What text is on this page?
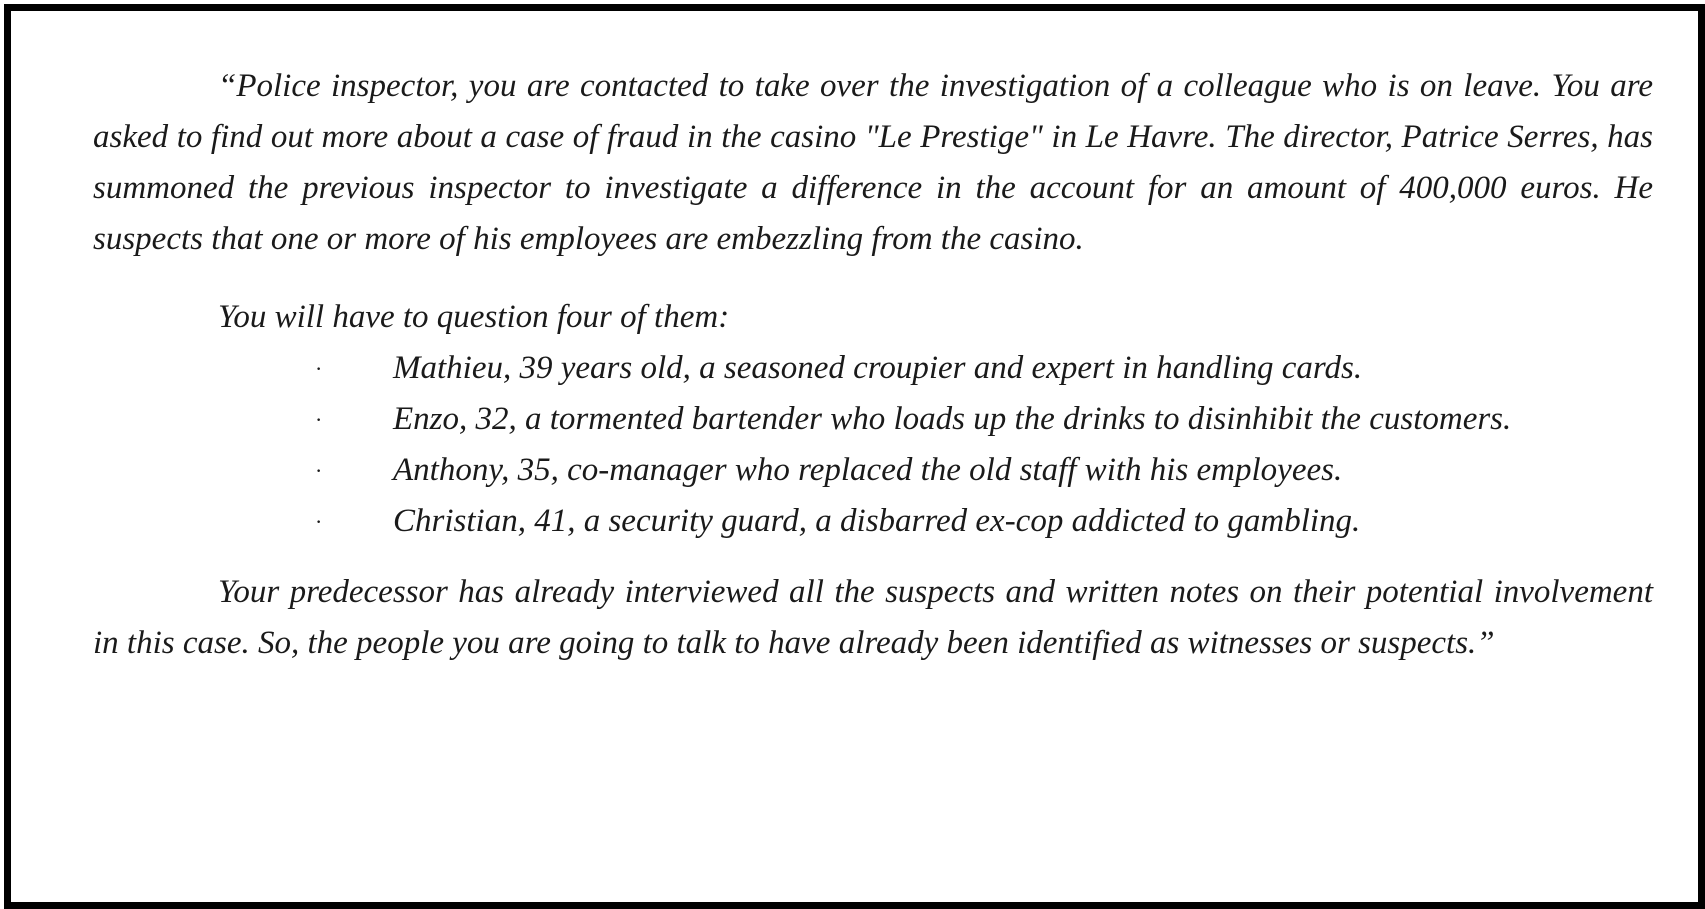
“Police inspector, you are contacted to take over the investigation of a colleague who is on leave. You are asked to find out more about a case of fraud in the casino "Le Prestige" in Le Havre. The director, Patrice Serres, has summoned the previous inspector to investigate a difference in the account for an amount of 400,000 euros. He suspects that one or more of his employees are embezzling from the casino.

You will have to question four of them:

· Mathieu, 39 years old, a seasoned croupier and expert in handling cards.
· Enzo, 32, a tormented bartender who loads up the drinks to disinhibit the customers.
· Anthony, 35, co-manager who replaced the old staff with his employees.
· Christian, 41, a security guard, a disbarred ex-cop addicted to gambling.

Your predecessor has already interviewed all the suspects and written notes on their potential involvement in this case. So, the people you are going to talk to have already been identified as witnesses or suspects.”
